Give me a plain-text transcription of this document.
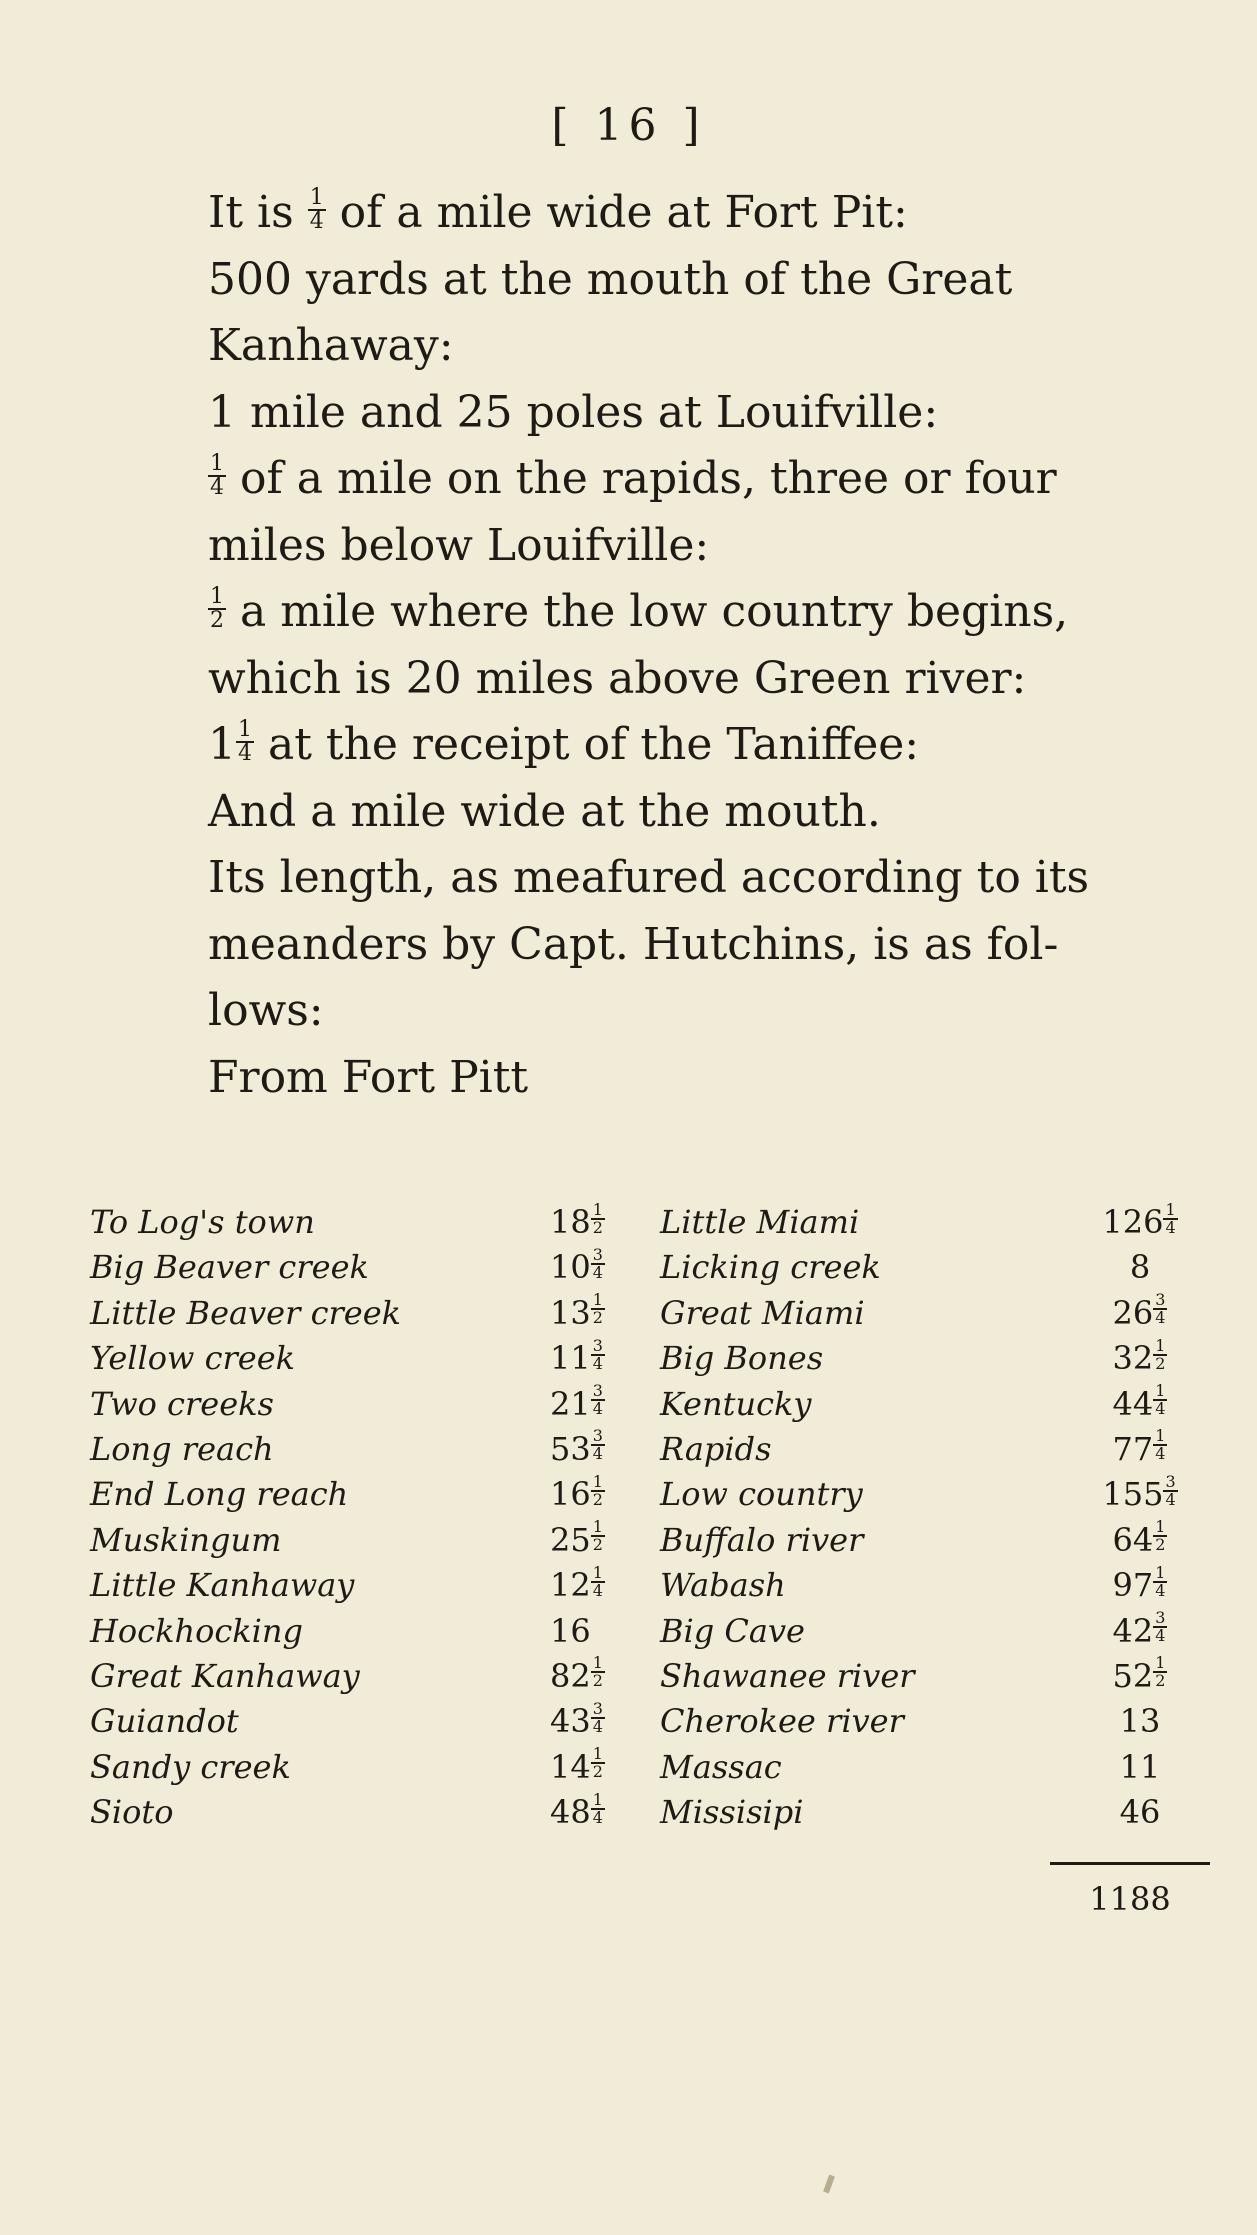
[ 16 ]

It is $\frac{1}{4}$ of a mile wide at Fort Pit:

500 yards at the mouth of the Great

Kanhaway:

1 mile and 25 poles at Louifville:

$\frac{1}{4}$ of a mile on the rapids, three or four

miles below Louifville:

$\frac{1}{2}$ a mile where the low country begins,

which is 20 miles above Green river:

$1 \frac{1}{4}$ at the receipt of the Taniffee:

And a mile wide at the mouth.

Its length, as meafured according to its

meanders by Capt. Hutchins, is as fol-

lows:

From Fort Pitt

To Log's town	$18 \frac{1}{2}$ Little Miami	$126 \frac{1}{4}$
Big Beaver creek	$10 \frac{3}{4}$ Licking creek	8
Little Beaver creek	$13 \frac{1}{2}$ Great Miami	$26 \frac{3}{4}$
Yellow creek	$11 \frac{3}{4}$ Big Bones	$32 \frac{1}{2}$
Two creeks	$21 \frac{3}{4}$ Kentucky	$44 \frac{1}{4}$
Long reach	$53 \frac{3}{4}$ Rapids	$77 \frac{1}{4}$
End Long reach	$16 \frac{1}{2}$ Low country	$155 \frac{3}{4}$
Muskingum	$25 \frac{1}{2}$ Buffalo river	$64 \frac{1}{2}$
Little Kanhaway	$12 \frac{1}{4}$ Wabash	$97 \frac{1}{4}$
Hockhocking	16	Big Cave	$42 \frac{3}{4}$
Great Kanhaway	$82 \frac{1}{2}$ Shawanee river	$52 \frac{1}{2}$
Guiandot	$43 \frac{3}{4}$ Cherokee river	13
Sandy creek	$14 \frac{1}{2}$ Massac	11
Sioto	$48 \frac{1}{4}$ Missisipi	46
1188
